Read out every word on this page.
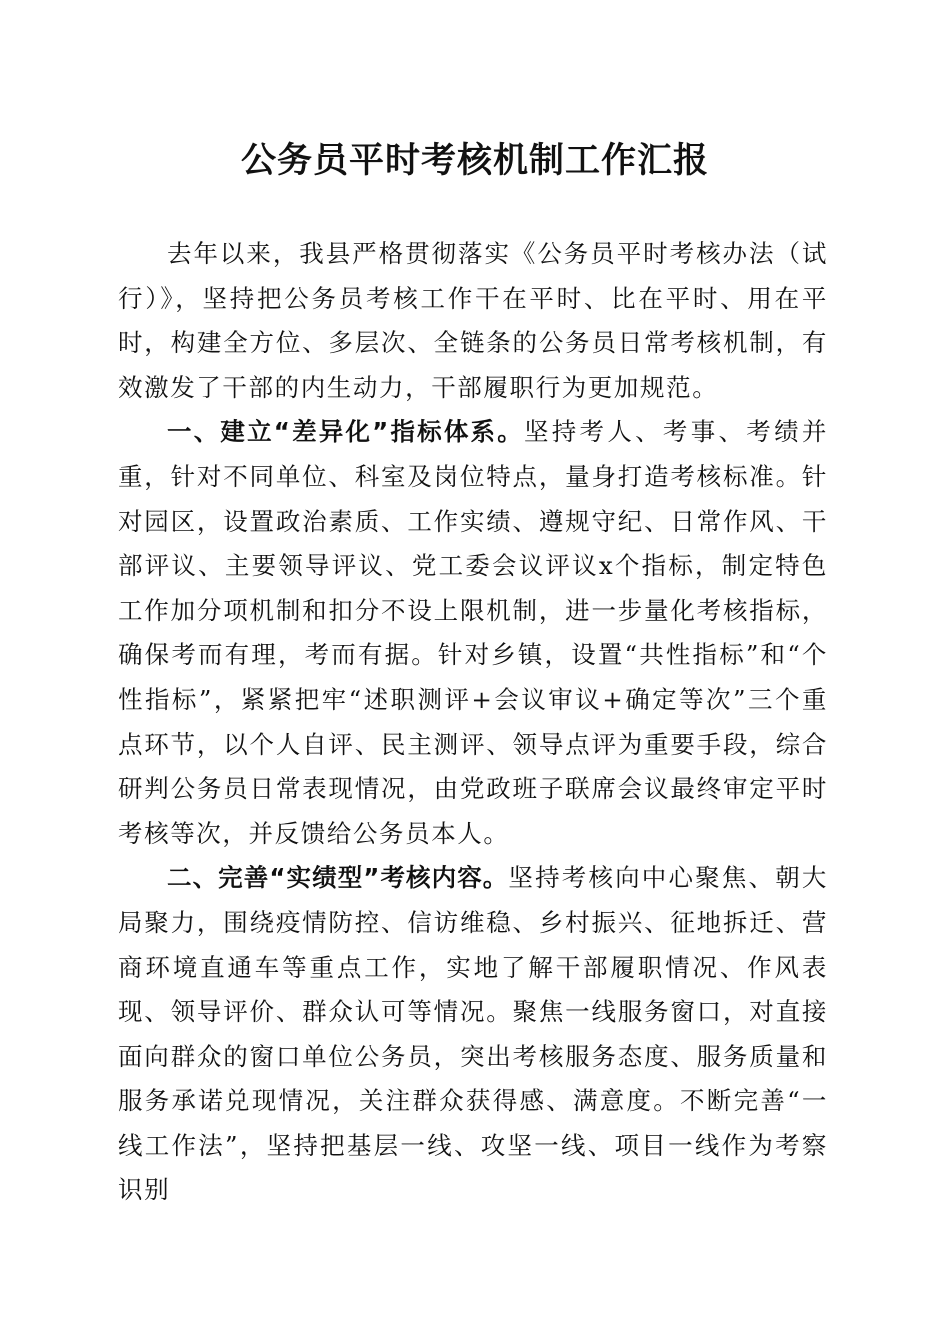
公务员平时考核机制工作汇报

去年以来，我县严格贯彻落实《公务员平时考核办法（试行）》，坚持把公务员考核工作干在平时、比在平时、用在平时，构建全方位、多层次、全链条的公务员日常考核机制，有效激发了干部的内生动力，干部履职行为更加规范。

一、建立“差异化”指标体系。坚持考人、考事、考绩并重，针对不同单位、科室及岗位特点，量身打造考核标准。针对园区，设置政治素质、工作实绩、遵规守纪、日常作风、干部评议、主要领导评议、党工委会议评议x个指标，制定特色工作加分项机制和扣分不设上限机制，进一步量化考核指标，确保考而有理，考而有据。针对乡镇，设置“共性指标”和“个性指标”，紧紧把牢“述职测评+会议审议+确定等次”三个重点环节，以个人自评、民主测评、领导点评为重要手段，综合研判公务员日常表现情况，由党政班子联席会议最终审定平时考核等次，并反馈给公务员本人。

二、完善“实绩型”考核内容。坚持考核向中心聚焦、朝大局聚力，围绕疫情防控、信访维稳、乡村振兴、征地拆迁、营商环境直通车等重点工作，实地了解干部履职情况、作风表现、领导评价、群众认可等情况。聚焦一线服务窗口，对直接面向群众的窗口单位公务员，突出考核服务态度、服务质量和服务承诺兑现情况，关注群众获得感、满意度。不断完善“一线工作法”，坚持把基层一线、攻坚一线、项目一线作为考察识别
